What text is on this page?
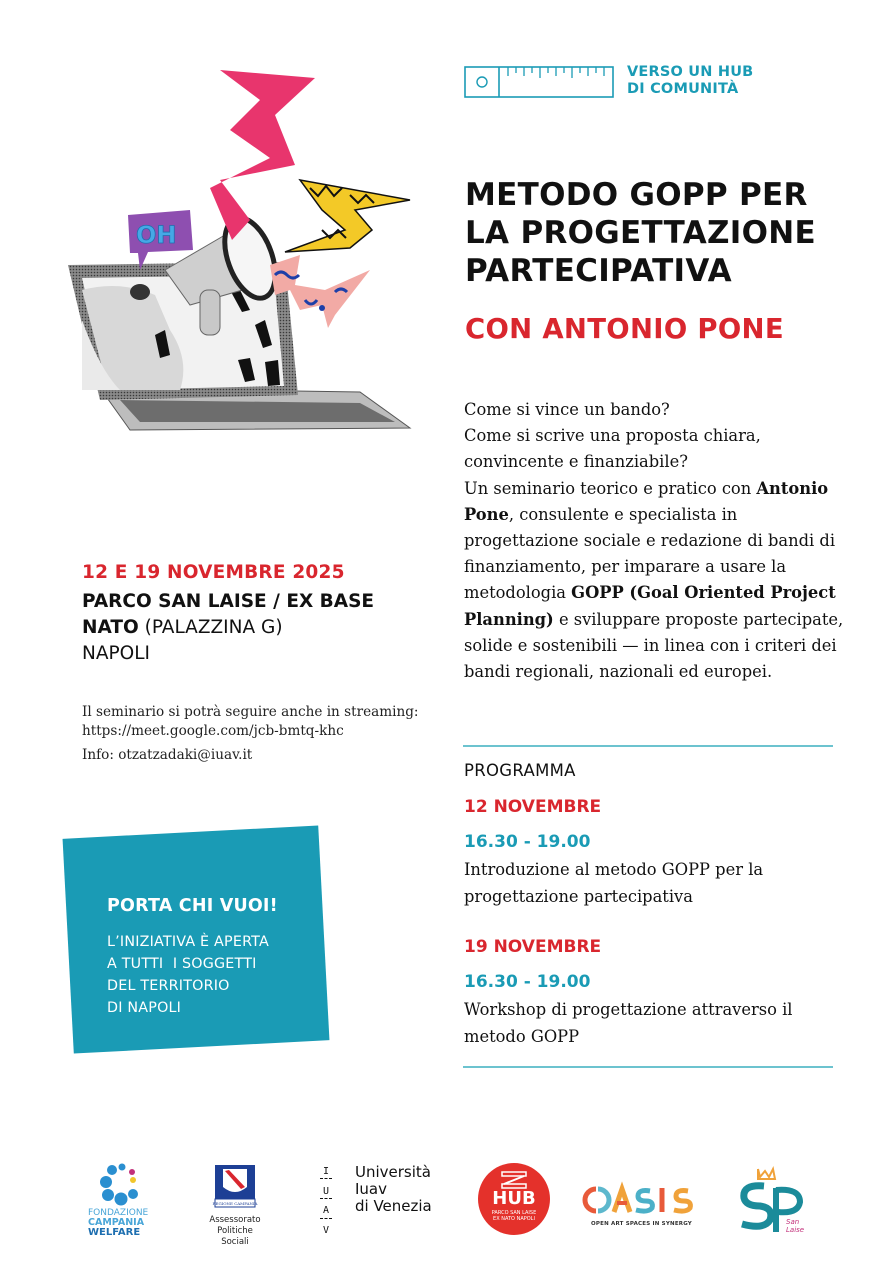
VERSO UN HUB
DI COMUNITÀ
METODO GOPP PER
LA PROGETTAZIONE
PARTECIPATIVA
CON ANTONIO PONE
OH
Come si vince un bando?
Come si scrive una proposta chiara,
convincente e finanziabile?
Un seminario teorico e pratico con Antonio Pone, consulente e specialista in progettazione sociale e redazione di bandi di finanziamento, per imparare a usare la metodologia GOPP (Goal Oriented Project Planning) e sviluppare proposte partecipate, solide e sostenibili — in linea con i criteri dei bandi regionali, nazionali ed europei.
PROGRAMMA
12 NOVEMBRE
16.30 - 19.00
Introduzione al metodo GOPP per la progettazione partecipativa
19 NOVEMBRE
16.30 - 19.00
Workshop di progettazione attraverso il metodo GOPP
12 E 19 NOVEMBRE 2025
PARCO SAN LAISE / EX BASE NATO (PALAZZINA G)
NAPOLI
Il seminario si potrà seguire anche in streaming:
https://meet.google.com/jcb-bmtq-khc
Info: otzatzadaki@iuav.it
PORTA CHI VUOI!
L’INIZIATIVA È APERTA
A TUTTI  I SOGGETTI
DEL TERRITORIO
DI NAPOLI
FONDAZIONE
CAMPANIA
WELFARE
REGIONE CAMPANIA
Assessorato
Politiche Sociali
I
U
A
V
Università
Iuav
di Venezia	HUB
PARCO SAN LAISE
EX NATO NAPOLI
OPEN ART SPACES IN SYNERGY	San Laise
